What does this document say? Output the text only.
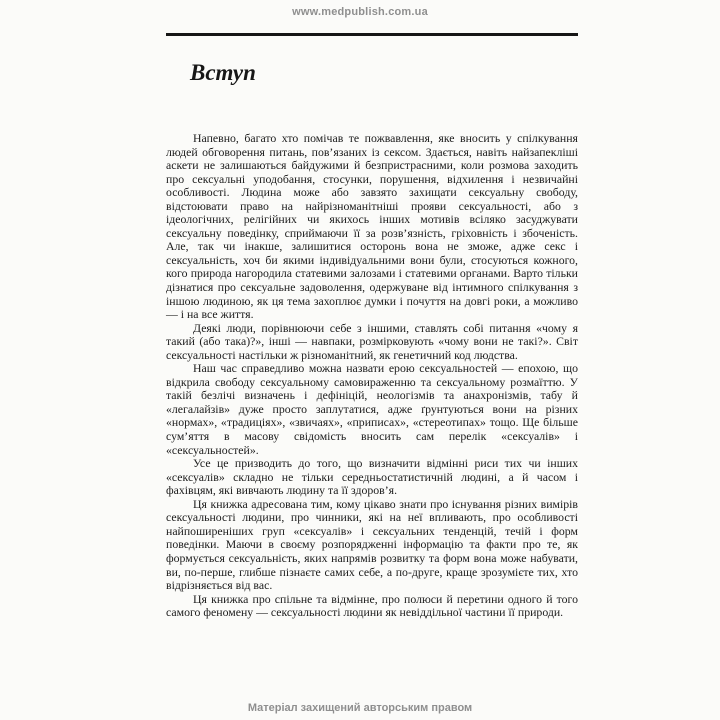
www.medpublish.com.ua
Вступ

Напевно, багато хто помічав те пожвавлення, яке вносить у спілкування людей обговорення питань, пов’язаних із сексом. Здається, навіть найзапекліші аскети не залишаються байдужими й безпристрасними, коли розмова заходить про сексуальні уподобання, стосунки, порушення, відхилення і незвичайні особливості. Людина може або завзято захищати сексуальну свободу, відстоювати право на найрізноманітніші прояви сексуальності, або з ідеологічних, релігійних чи якихось інших мотивів всіляко засуджувати сексуальну поведінку, сприймаючи її за розв’язність, гріховність і збоченість. Але, так чи інакше, залишитися осторонь вона не зможе, адже секс і сексуальність, хоч би якими індивідуальними вони були, стосуються кожного, кого природа нагородила статевими залозами і статевими органами. Варто тільки дізнатися про сексуальне задоволення, одержуване від інтимного спілкування з іншою людиною, як ця тема захоплює думки і почуття на довгі роки, а можливо — і на все життя.

Деякі люди, порівнюючи себе з іншими, ставлять собі питання «чому я такий (або така)?», інші — навпаки, розмірковують «чому вони не такі?». Світ сексуальності настільки ж різноманітний, як генетичний код людства.

Наш час справедливо можна назвати ерою сексуальностей — епохою, що відкрила свободу сексуальному самовираженню та сексуальному розмаїттю. У такій безлічі визначень і дефініцій, неологізмів та анахронізмів, табу й «легалайзів» дуже просто заплутатися, адже ґрунтуються вони на різних «нормах», «традиціях», «звичаях», «приписах», «стереотипах» тощо. Ще більше сум’яття в масову свідомість вносить сам перелік «сексуалів» і «сексуальностей».

Усе це призводить до того, що визначити відмінні риси тих чи інших «сексуалів» складно не тільки середньостатистичній людині, а й часом і фахівцям, які вивчають людину та її здоров’я.

Ця книжка адресована тим, кому цікаво знати про існування різних вимірів сексуальності людини, про чинники, які на неї впливають, про особливості найпоширеніших груп «сексуалів» і сексуальних тенденцій, течій і форм поведінки. Маючи в своєму розпорядженні інформацію та факти про те, як формується сексуальність, яких напрямів розвитку та форм вона може набувати, ви, по-перше, глибше пізнаєте самих себе, а по-друге, краще зрозумієте тих, хто відрізняється від вас.

Ця книжка про спільне та відмінне, про полюси й перетини одного й того самого феномену — сексуальності людини як невіддільної частини її природи.

Матеріал захищений авторським правом
